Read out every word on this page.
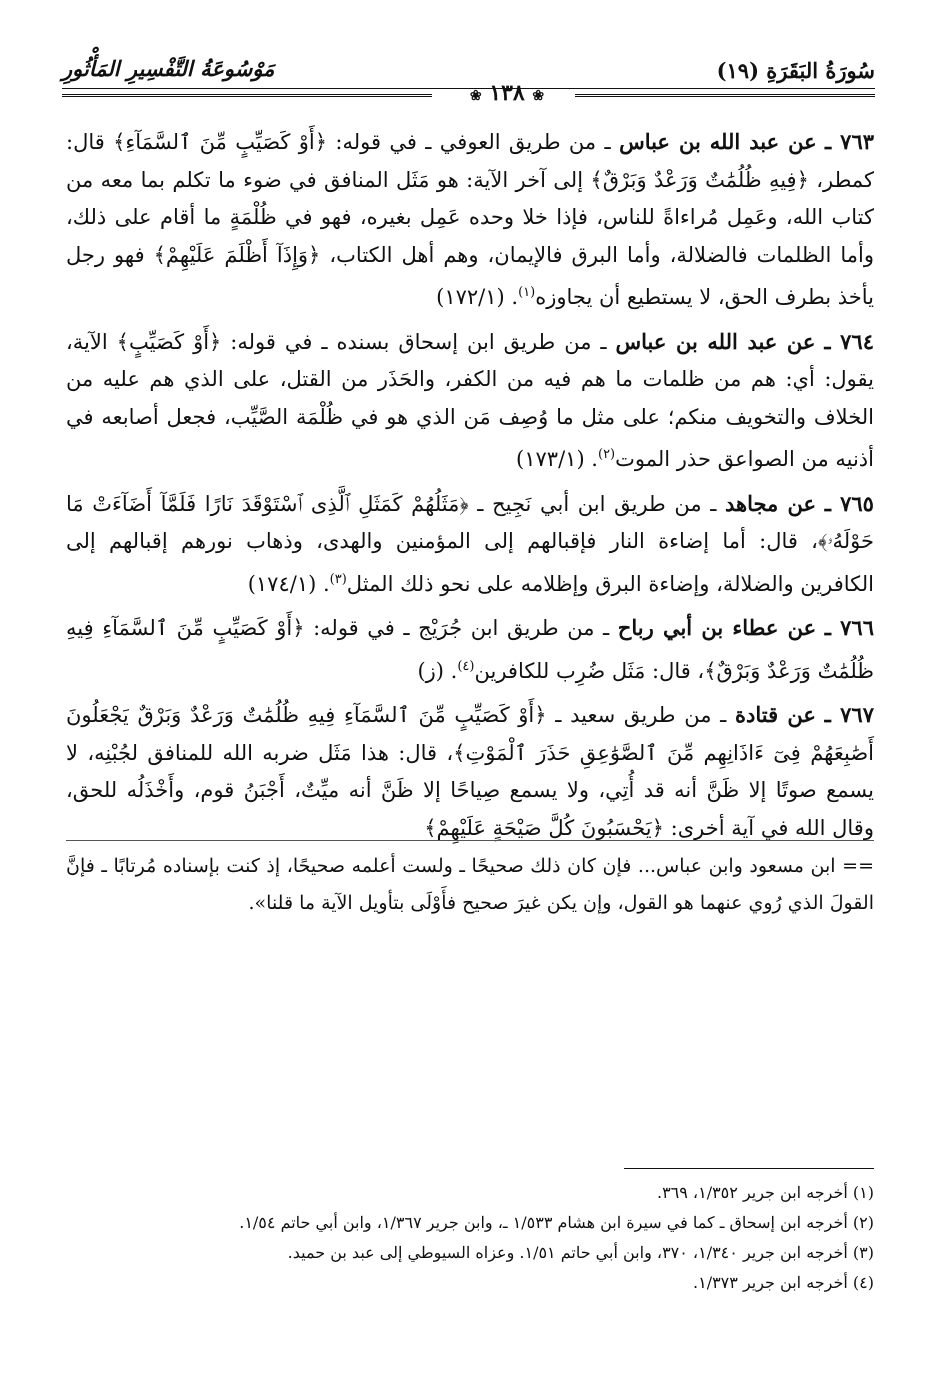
سُورَةُ البَقَرَةِ (١٩)
مَوْسُوعَةُ التَّفْسِيرِ المَأْثُورِ
❀ ١٣٨ ❀

٧٦٣ ـ عن عبد الله بن عباس ـ من طريق العوفي ـ في قوله: ﴿أَوْ كَصَيِّبٍ مِّنَ ٱلسَّمَآءِ﴾ قال: كمطر، ﴿فِيهِ ظُلُمَٰتٌ وَرَعْدٌ وَبَرْقٌ﴾ إلى آخر الآية: هو مَثَل المنافق في ضوء ما تكلم بما معه من كتاب الله، وعَمِل مُراءاةً للناس، فإذا خلا وحده عَمِل بغيره، فهو في ظُلْمَةٍ ما أقام على ذلك، وأما الظلمات فالضلالة، وأما البرق فالإيمان، وهم أهل الكتاب، ﴿وَإِذَآ أَظْلَمَ عَلَيْهِمْ﴾ فهو رجل يأخذ بطرف الحق، لا يستطيع أن يجاوزه$^{(١)}$. (١٧٢/١)

٧٦٤ ـ عن عبد الله بن عباس ـ من طريق ابن إسحاق بسنده ـ في قوله: ﴿أَوْ كَصَيِّبٍ﴾ الآية، يقول: أي: هم من ظلمات ما هم فيه من الكفر، والحَذَر من القتل، على الذي هم عليه من الخلاف والتخويف منكم؛ على مثل ما وُصِف مَن الذي هو في ظُلْمَة الصَّيِّب، فجعل أصابعه في أذنيه من الصواعق حذر الموت$^{(٢)}$. (١٧٣/١)

٧٦٥ ـ عن مجاهد ـ من طريق ابن أبي نَجِيح ـ ﴿مَثَلُهُمْ كَمَثَلِ ٱلَّذِى ٱسْتَوْقَدَ نَارًا فَلَمَّآ أَضَآءَتْ مَا حَوْلَهُۥ﴾، قال: أما إضاءة النار فإقبالهم إلى المؤمنين والهدى، وذهاب نورهم إقبالهم إلى الكافرين والضلالة، وإضاءة البرق وإظلامه على نحو ذلك المثل$^{(٣)}$. (١٧٤/١)

٧٦٦ ـ عن عطاء بن أبي رباح ـ من طريق ابن جُرَيْج ـ في قوله: ﴿أَوْ كَصَيِّبٍ مِّنَ ٱلسَّمَآءِ فِيهِ ظُلُمَٰتٌ وَرَعْدٌ وَبَرْقٌ﴾، قال: مَثَل ضُرِب للكافرين$^{(٤)}$. (ز)

٧٦٧ ـ عن قتادة ـ من طريق سعيد ـ ﴿أَوْ كَصَيِّبٍ مِّنَ ٱلسَّمَآءِ فِيهِ ظُلُمَٰتٌ وَرَعْدٌ وَبَرْقٌ يَجْعَلُونَ أَصَٰبِعَهُمْ فِىٓ ءَاذَانِهِم مِّنَ ٱلصَّوَٰعِقِ حَذَرَ ٱلْمَوْتِ﴾، قال: هذا مَثَل ضربه الله للمنافق لجُبْنِه، لا يسمع صوتًا إلا ظَنَّ أنه قد أُتِي، ولا يسمع صِياحًا إلا ظَنَّ أنه ميِّتٌ، أَجْبَنُ قوم، وأَخْذَلُه للحق، وقال الله في آية أخرى: ﴿يَحْسَبُونَ كُلَّ صَيْحَةٍ عَلَيْهِمْ﴾

== ابن مسعود وابن عباس... فإن كان ذلك صحيحًا ـ ولست أعلمه صحيحًا، إذ كنت بإسناده مُرتابًا ـ فإنَّ القولَ الذي رُوي عنهما هو القول، وإن يكن غيرَ صحيح فأَوْلَى بتأويل الآية ما قلنا».
(١) أخرجه ابن جرير ١/٣٥٢، ٣٦٩.
(٢) أخرجه ابن إسحاق ـ كما في سيرة ابن هشام ١/٥٣٣ ـ، وابن جرير ١/٣٦٧، وابن أبي حاتم ١/٥٤.
(٣) أخرجه ابن جرير ١/٣٤٠، ٣٧٠، وابن أبي حاتم ١/٥١. وعزاه السيوطي إلى عبد بن حميد.
(٤) أخرجه ابن جرير ١/٣٧٣.
